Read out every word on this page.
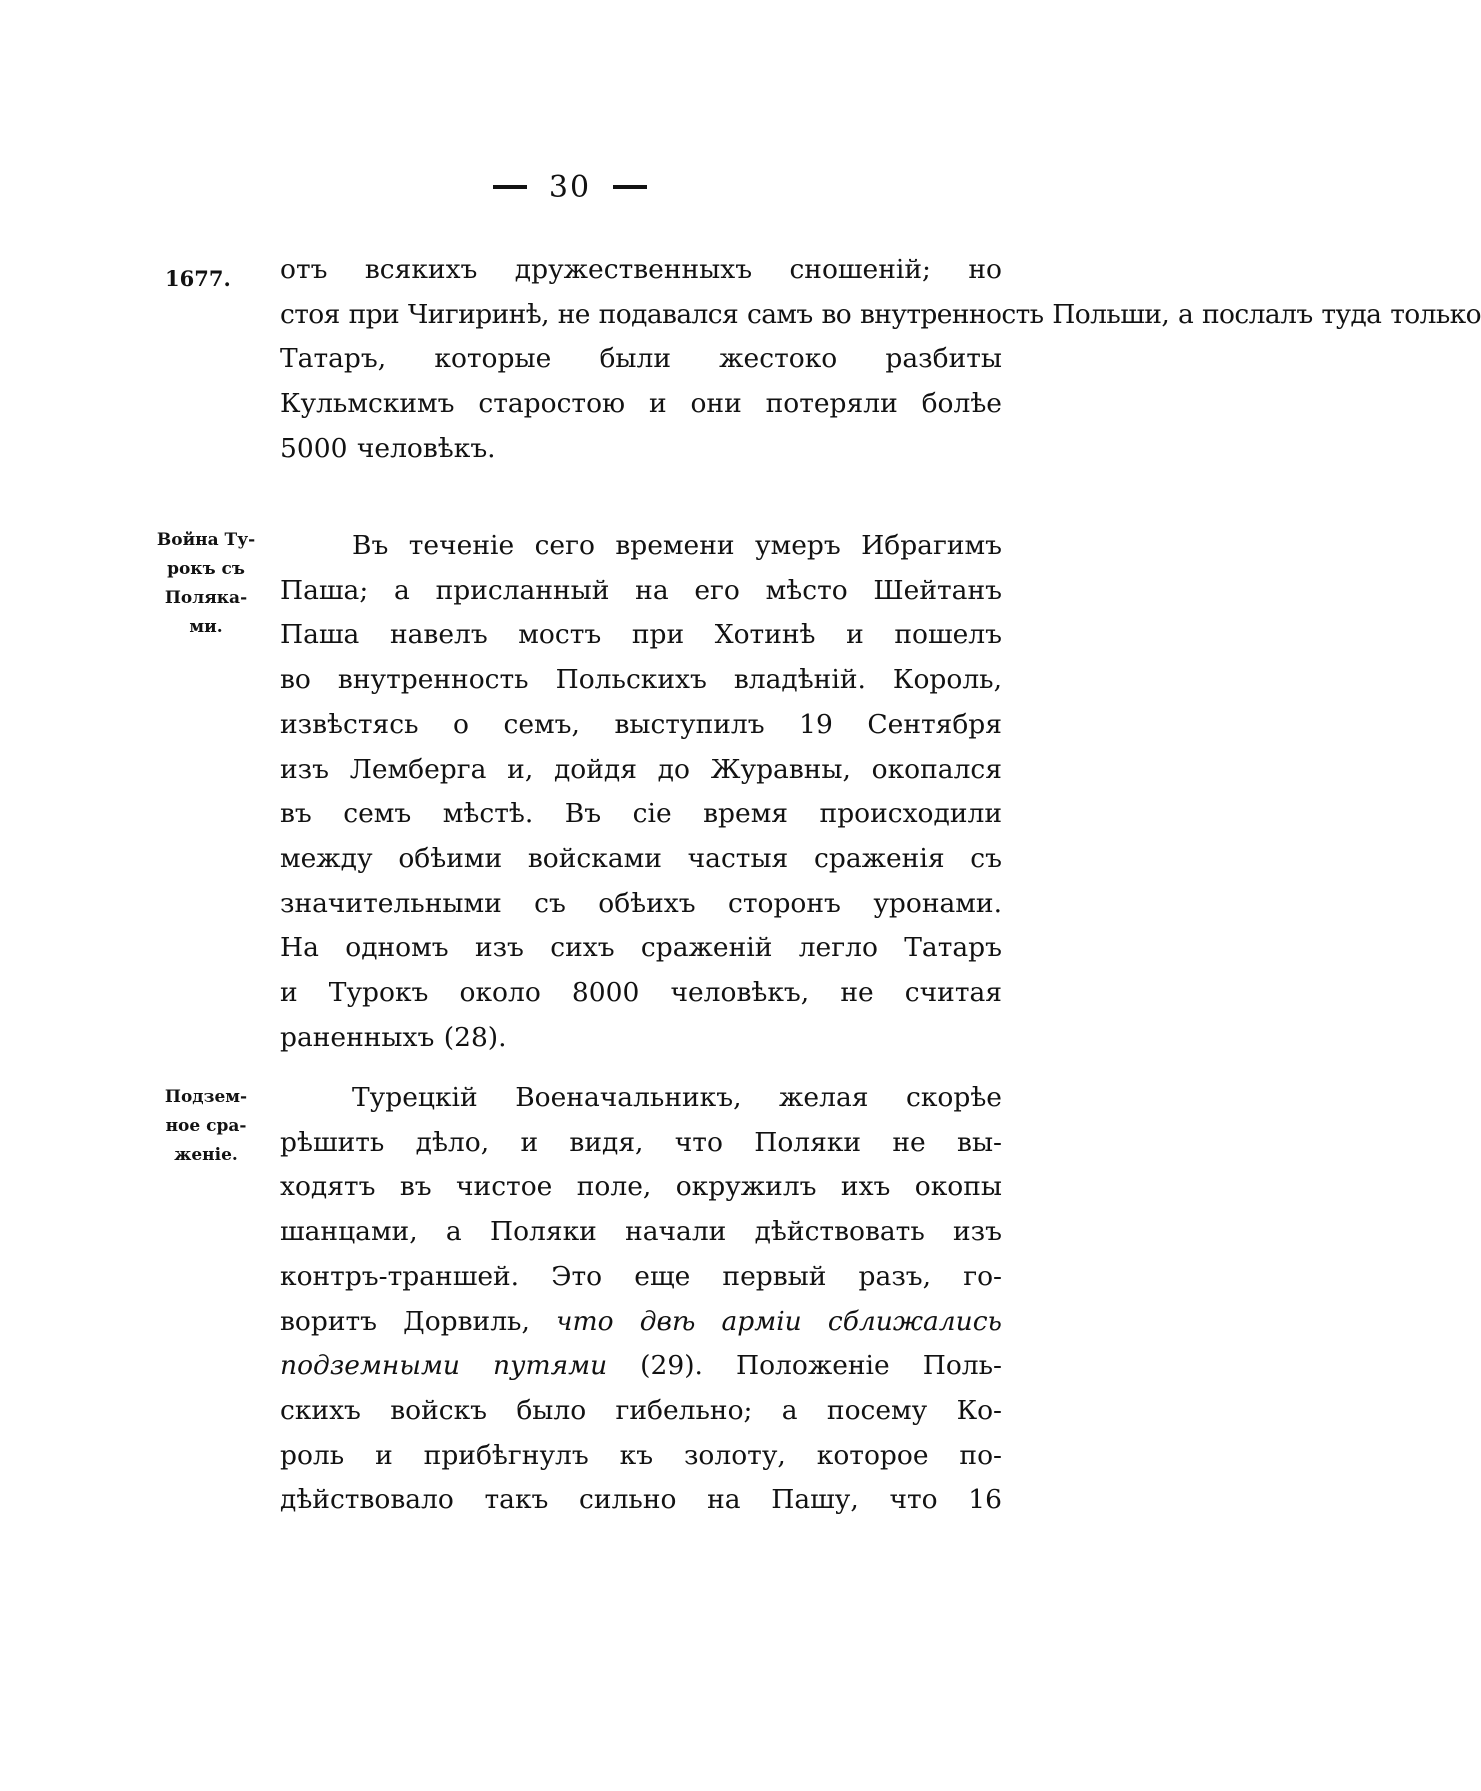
30
1677.
Война Ту-
рокъ съ
Поляка-
ми.
Подзем-
ное сра-
женіе.
отъ всякихъ дружественныхъ сношеній; но
стоя при Чигиринѣ, не подавался самъ во внутренность Польши, а послалъ туда только
Татаръ, которые были жестоко разбиты
Кульмскимъ старостою и они потеряли болѣе
5000 человѣкъ.
Въ теченіе сего времени умеръ Ибрагимъ
Паша; а присланный на его мѣсто Шейтанъ
Паша навелъ мостъ при Хотинѣ и пошелъ
во внутренность Польскихъ владѣній. Король,
извѣстясь о семъ, выступилъ 19 Сентября
изъ Лемберга и, дойдя до Журавны, окопался
въ семъ мѣстѣ. Въ сіе время происходили
между обѣими войсками частыя сраженія съ
значительными съ обѣихъ сторонъ уронами.
На одномъ изъ сихъ сраженій легло Татаръ
и Турокъ около 8000 человѣкъ, не считая
раненныхъ (28).
Турецкій Военачальникъ, желая скорѣе
рѣшить дѣло, и видя, что Поляки не вы-
ходятъ въ чистое поле, окружилъ ихъ окопы
шанцами, а Поляки начали дѣйствовать изъ
контръ-траншей. Это еще первый разъ, го-
воритъ Дорвиль, что двѣ арміи сближались
подземными путями (29). Положеніе Поль-
скихъ войскъ было гибельно; а посему Ко-
роль и прибѣгнулъ къ золоту, которое по-
дѣйствовало такъ сильно на Пашу, что 16
